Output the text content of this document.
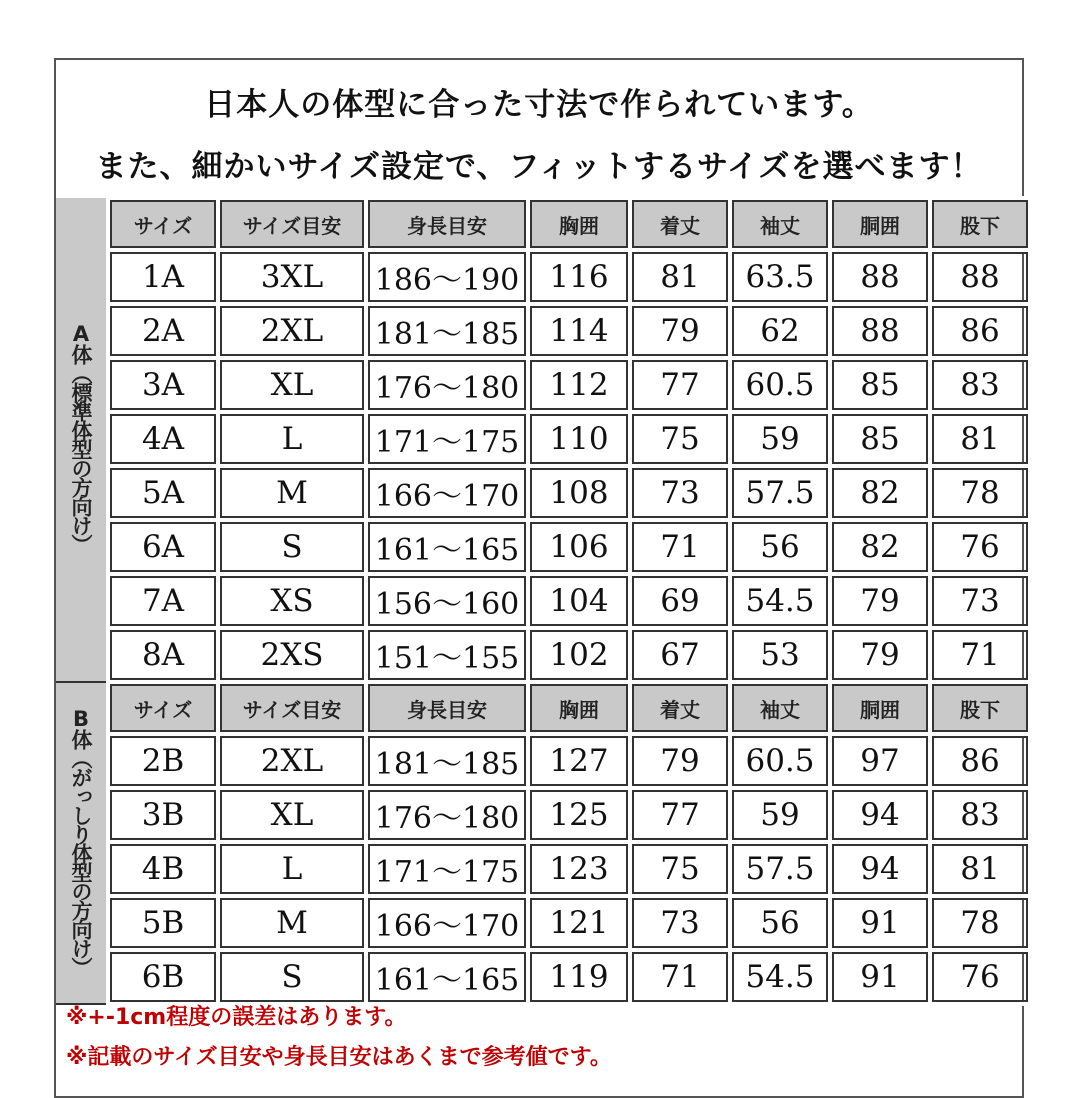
日本人の体型に合った寸法で作られています。
また、細かいサイズ設定で、フィットするサイズを選べます！
A体（標準体型の方向け）	サイズ	サイズ目安	身長目安	胸囲	着丈	袖丈	胴囲	股下
	1A	3XL	186〜190	116	81	63.5	88	88
	2A	2XL	181〜185	114	79	62	88	86
	3A	XL	176〜180	112	77	60.5	85	83
	4A	L	171〜175	110	75	59	85	81
	5A	M	166〜170	108	73	57.5	82	78
	6A	S	161〜165	106	71	56	82	76
	7A	XS	156〜160	104	69	54.5	79	73
	8A	2XS	151〜155	102	67	53	79	71
B体（がっしり体型の方向け）	サイズ	サイズ目安	身長目安	胸囲	着丈	袖丈	胴囲	股下
	2B	2XL	181〜185	127	79	60.5	97	86
	3B	XL	176〜180	125	77	59	94	83
	4B	L	171〜175	123	75	57.5	94	81
	5B	M	166〜170	121	73	56	91	78
	6B	S	161〜165	119	71	54.5	91	76
※+-1cm程度の誤差はあります。
※記載のサイズ目安や身長目安はあくまで参考値です。
